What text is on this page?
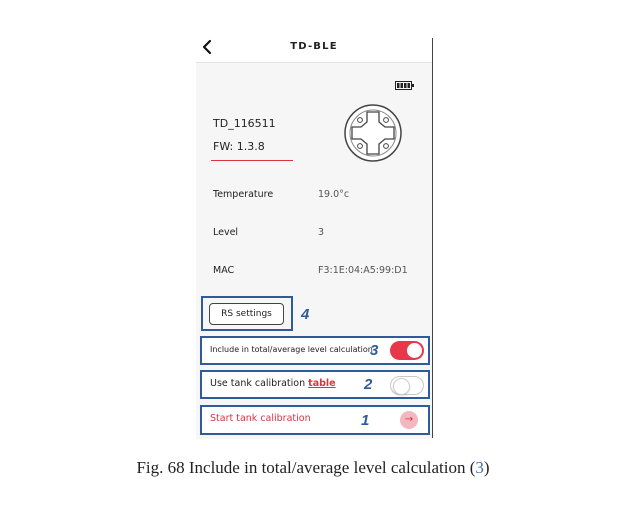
TD-BLE
TD_116511
FW: 1.3.8
Temperature	19.0°c
Level	3
MAC	F3:1E:04:A5:99:D1
RS settings	4
Include in total/average level calculation
3
Use tank calibration table 2
Start tank calibration	1	→
Fig. 68 Include in total/average level calculation (3)
